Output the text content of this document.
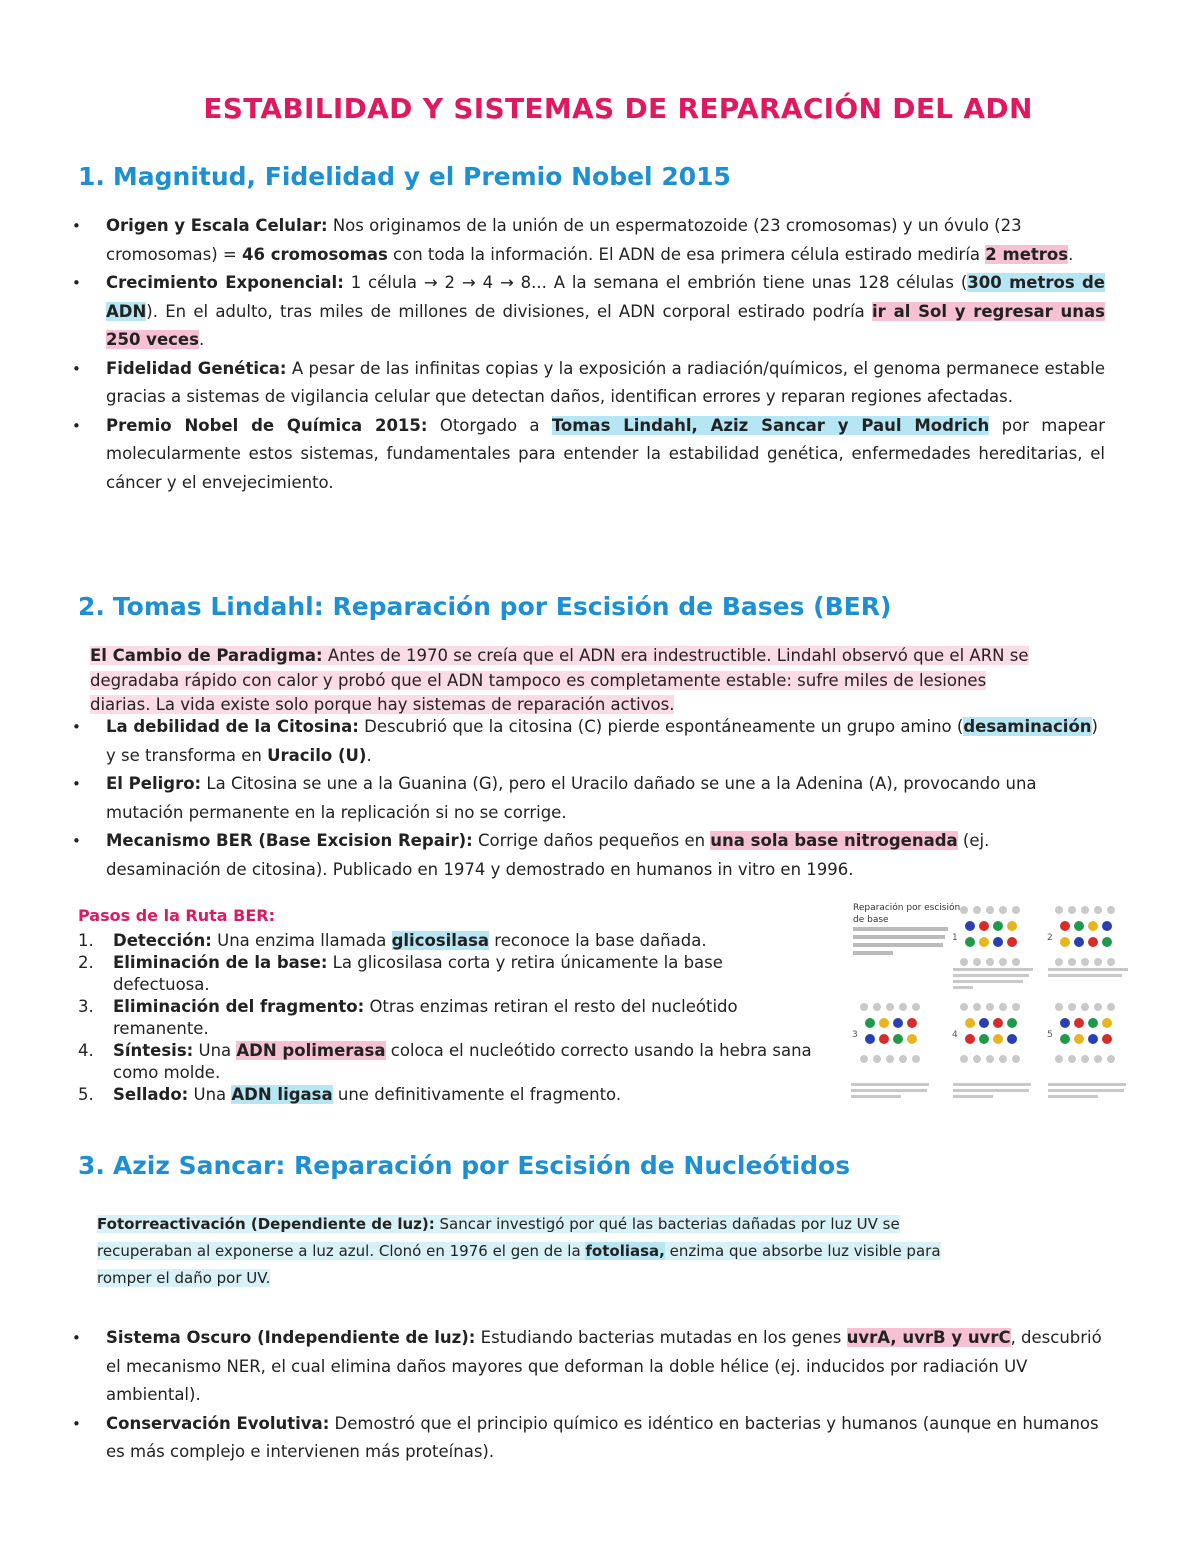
ESTABILIDAD Y SISTEMAS DE REPARACIÓN DEL ADN
1. Magnitud, Fidelidad y el Premio Nobel 2015
• Origen y Escala Celular: Nos originamos de la unión de un espermatozoide (23 cromosomas) y un óvulo (23 cromosomas) = 46 cromosomas con toda la información. El ADN de esa primera célula estirado mediría 2 metros.
• Crecimiento Exponencial: 1 célula → 2 → 4 → 8... A la semana el embrión tiene unas 128 células (300 metros de ADN). En el adulto, tras miles de millones de divisiones, el ADN corporal estirado podría ir al Sol y regresar unas 250 veces.
• Fidelidad Genética: A pesar de las infinitas copias y la exposición a radiación/químicos, el genoma permanece estable gracias a sistemas de vigilancia celular que detectan daños, identifican errores y reparan regiones afectadas.
• Premio Nobel de Química 2015: Otorgado a Tomas Lindahl, Aziz Sancar y Paul Modrich por mapear molecularmente estos sistemas, fundamentales para entender la estabilidad genética, enfermedades hereditarias, el cáncer y el envejecimiento.
2. Tomas Lindahl: Reparación por Escisión de Bases (BER)
El Cambio de Paradigma: Antes de 1970 se creía que el ADN era indestructible. Lindahl observó que el ARN se
degradaba rápido con calor y probó que el ADN tampoco es completamente estable: sufre miles de lesiones
diarias. La vida existe solo porque hay sistemas de reparación activos.
• La debilidad de la Citosina: Descubrió que la citosina (C) pierde espontáneamente un grupo amino (desaminación) y se transforma en Uracilo (U).
• El Peligro: La Citosina se une a la Guanina (G), pero el Uracilo dañado se une a la Adenina (A), provocando una mutación permanente en la replicación si no se corrige.
• Mecanismo BER (Base Excision Repair): Corrige daños pequeños en una sola base nitrogenada (ej. desaminación de citosina). Publicado en 1974 y demostrado en humanos in vitro en 1996.
Pasos de la Ruta BER:
1. Detección: Una enzima llamada glicosilasa reconoce la base dañada.
2. Eliminación de la base: La glicosilasa corta y retira únicamente la base defectuosa.
3. Eliminación del fragmento: Otras enzimas retiran el resto del nucleótido remanente.
4. Síntesis: Una ADN polimerasa coloca el nucleótido correcto usando la hebra sana como molde.
5. Sellado: Una ADN ligasa une definitivamente el fragmento.
Reparación por escisión
de base
1	2
3	4	5
3. Aziz Sancar: Reparación por Escisión de Nucleótidos
Fotorreactivación (Dependiente de luz): Sancar investigó por qué las bacterias dañadas por luz UV se
recuperaban al exponerse a luz azul. Clonó en 1976 el gen de la fotoliasa, enzima que absorbe luz visible para
romper el daño por UV.
• Sistema Oscuro (Independiente de luz): Estudiando bacterias mutadas en los genes uvrA, uvrB y uvrC, descubrió el mecanismo NER, el cual elimina daños mayores que deforman la doble hélice (ej. inducidos por radiación UV ambiental).
• Conservación Evolutiva: Demostró que el principio químico es idéntico en bacterias y humanos (aunque en humanos es más complejo e intervienen más proteínas).
